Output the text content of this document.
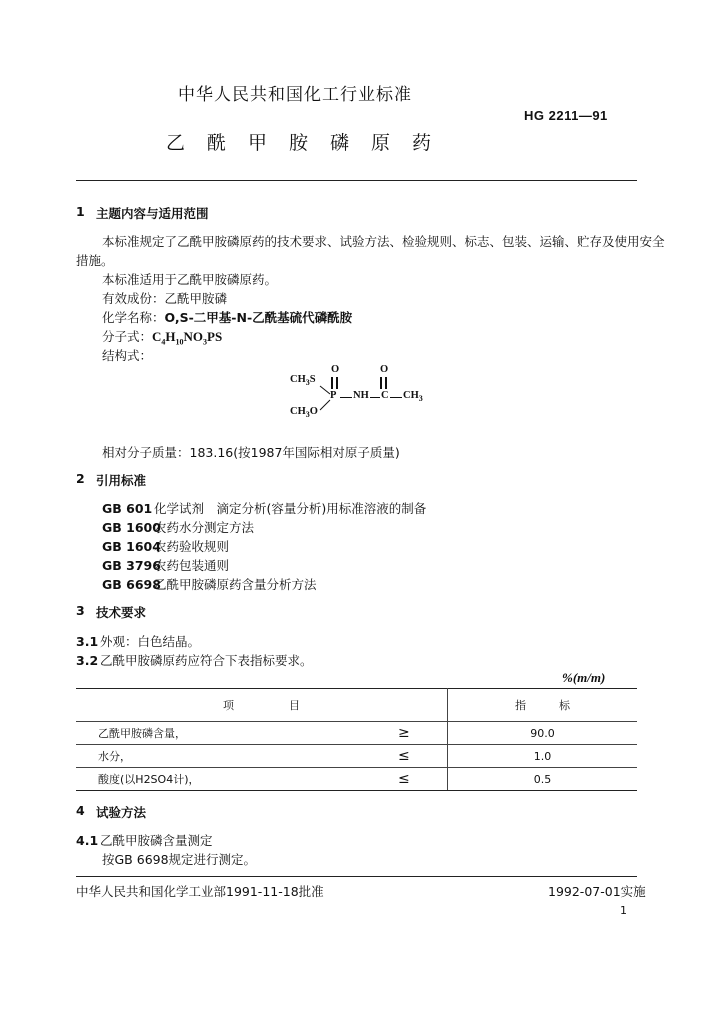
中华人民共和国化工行业标准
HG 2211—91
乙酰甲胺磷原药
1 主题内容与适用范围
本标准规定了乙酰甲胺磷原药的技术要求、试验方法、检验规则、标志、包装、运输、贮存及使用安全
措施。
本标准适用于乙酰甲胺磷原药。
有效成份：乙酰甲胺磷
化学名称：O,S-二甲基-N-乙酰基硫代磷酰胺
分子式：$C_4H_{10}NO_3PS$
结构式：
O	O
$CH_3S$
P NH C $CH_3$
$CH_3O$
相对分子质量：183.16(按1987年国际相对原子质量)
2 引用标准
GB 601 化学试剂　滴定分析(容量分析)用标准溶液的制备
GB 1600农药水分测定方法
GB 1604农药验收规则
GB 3796农药包装通则
GB 6698乙酰甲胺磷原药含量分析方法
3 技术要求
3.1 外观：白色结晶。
3.2 乙酰甲胺磷原药应符合下表指标要求。
%(m/m)
项　　　　　目		指　　　标
乙酰甲胺磷含量，	≥	90.0
水分，	≤	1.0
酸度(以H2SO4计)，	≤	0.5
4 试验方法
4.1 乙酰甲胺磷含量测定
按GB 6698规定进行测定。
中华人民共和国化学工业部1991-11-18批准	1992-07-01实施
1
